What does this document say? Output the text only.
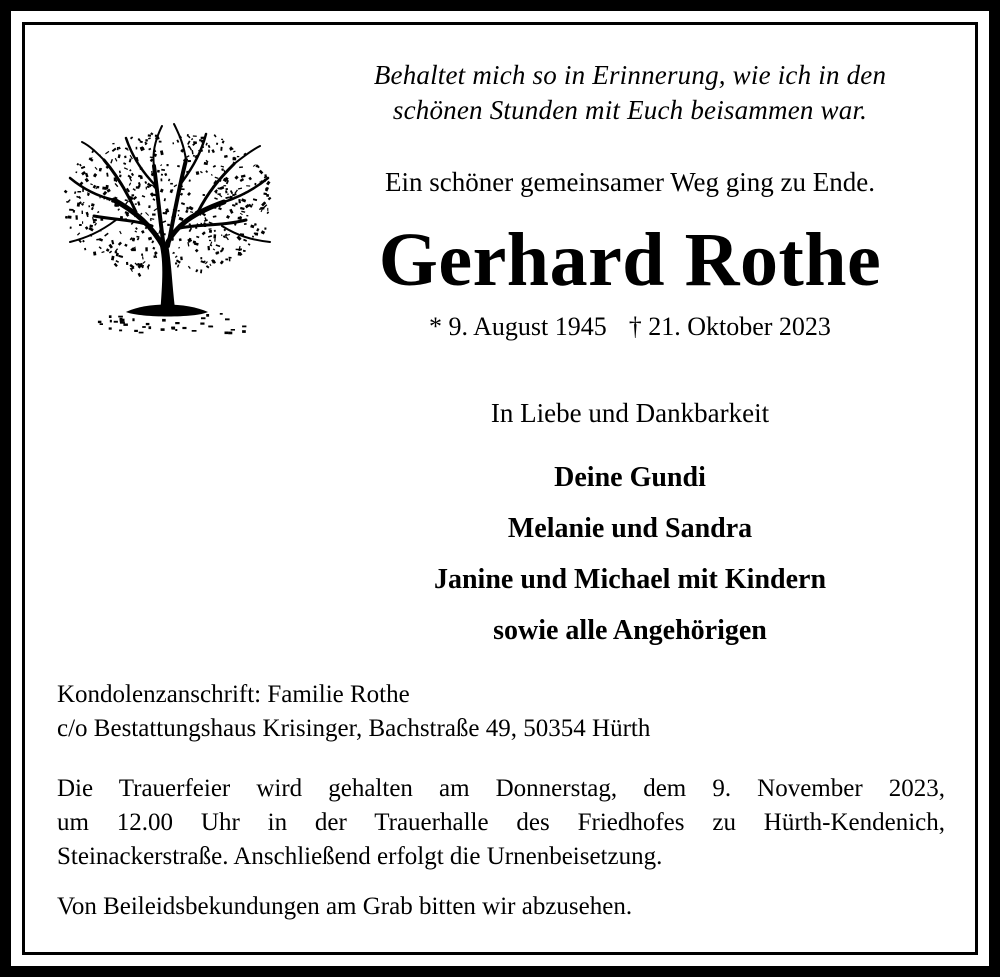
Behaltet mich so in Erinnerung, wie ich in den
schönen Stunden mit Euch beisammen war.
Ein schöner gemeinsamer Weg ging zu Ende.
Gerhard Rothe
* 9. August 1945 † 21. Oktober 2023
In Liebe und Dankbarkeit
Deine Gundi
Melanie und Sandra
Janine und Michael mit Kindern
sowie alle Angehörigen
Kondolenzanschrift: Familie Rothe
c/o Bestattungshaus Krisinger, Bachstraße 49, 50354 Hürth
Die Trauerfeier wird gehalten am Donnerstag, dem 9. November 2023,
um 12.00 Uhr in der Trauerhalle des Friedhofes zu Hürth-Kendenich,
Steinackerstraße. Anschließend erfolgt die Urnenbeisetzung.
Von Beileidsbekundungen am Grab bitten wir abzusehen.
